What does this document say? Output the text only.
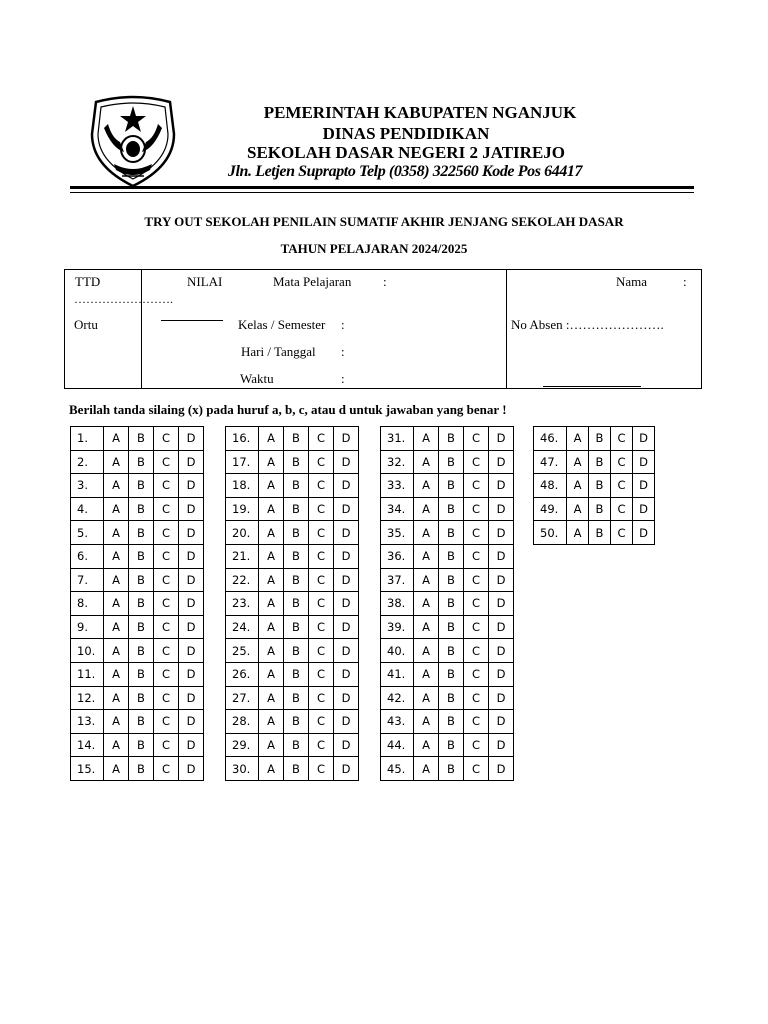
PEMERINTAH KABUPATEN NGANJUK
DINAS PENDIDIKAN
SEKOLAH DASAR NEGERI 2 JATIREJO
Jln. Letjen Suprapto Telp (0358) 322560 Kode Pos 64417
TRY OUT SEKOLAH PENILAIN SUMATIF AKHIR JENJANG SEKOLAH DASAR
TAHUN PELAJARAN 2024/2025
TTD	NILAI
…………………….
Ortu
Mata Pelajaran :
Kelas / Semester :
Hari / Tanggal :
Waktu	:
Nama	:
No Absen :………………….
Berilah tanda silaing (x) pada huruf a, b, c, atau d untuk jawaban yang benar !
1.	A	B	C	D
2.	A	B	C	D
3.	A	B	C	D
4.	A	B	C	D
5.	A	B	C	D
6.	A	B	C	D
7.	A	B	C	D
8.	A	B	C	D
9.	A	B	C	D
10.	A	B	C	D
11.	A	B	C	D
12.	A	B	C	D
13.	A	B	C	D
14.	A	B	C	D
15.	A	B	C	D
16.	A	B	C	D
17.	A	B	C	D
18.	A	B	C	D
19.	A	B	C	D
20.	A	B	C	D
21.	A	B	C	D
22.	A	B	C	D
23.	A	B	C	D
24.	A	B	C	D
25.	A	B	C	D
26.	A	B	C	D
27.	A	B	C	D
28.	A	B	C	D
29.	A	B	C	D
30.	A	B	C	D
31.	A	B	C	D
32.	A	B	C	D
33.	A	B	C	D
34.	A	B	C	D
35.	A	B	C	D
36.	A	B	C	D
37.	A	B	C	D
38.	A	B	C	D
39.	A	B	C	D
40.	A	B	C	D
41.	A	B	C	D
42.	A	B	C	D
43.	A	B	C	D
44.	A	B	C	D
45.	A	B	C	D
46.	A	B	C	D
47.	A	B	C	D
48.	A	B	C	D
49.	A	B	C	D
50.	A	B	C	D
